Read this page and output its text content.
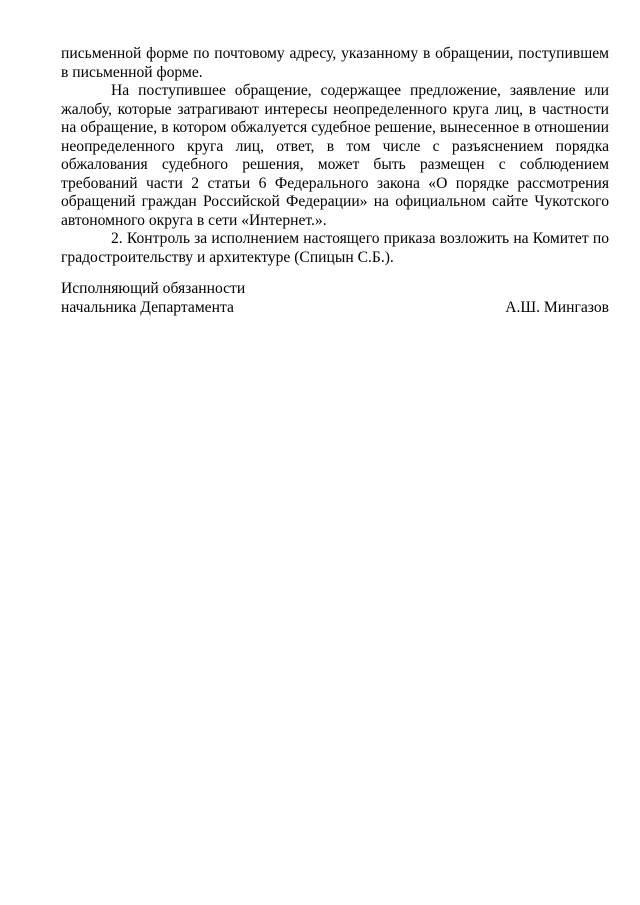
письменной форме по почтовому адресу, указанному в обращении, поступившем в письменной форме.

На поступившее обращение, содержащее предложение, заявление или жалобу, которые затрагивают интересы неопределенного круга лиц, в частности на обращение, в котором обжалуется судебное решение, вынесенное в отношении неопределенного круга лиц, ответ, в том числе с разъяснением порядка обжалования судебного решения, может быть размещен с соблюдением требований части 2 статьи 6 Федерального закона «О порядке рассмотрения обращений граждан Российской Федерации» на официальном сайте Чукотского автономного округа в сети «Интернет.».

2. Контроль за исполнением настоящего приказа возложить на Комитет по градостроительству и архитектуре (Спицын С.Б.).

Исполняющий обязанности
начальника Департамента	А.Ш. Мингазов
